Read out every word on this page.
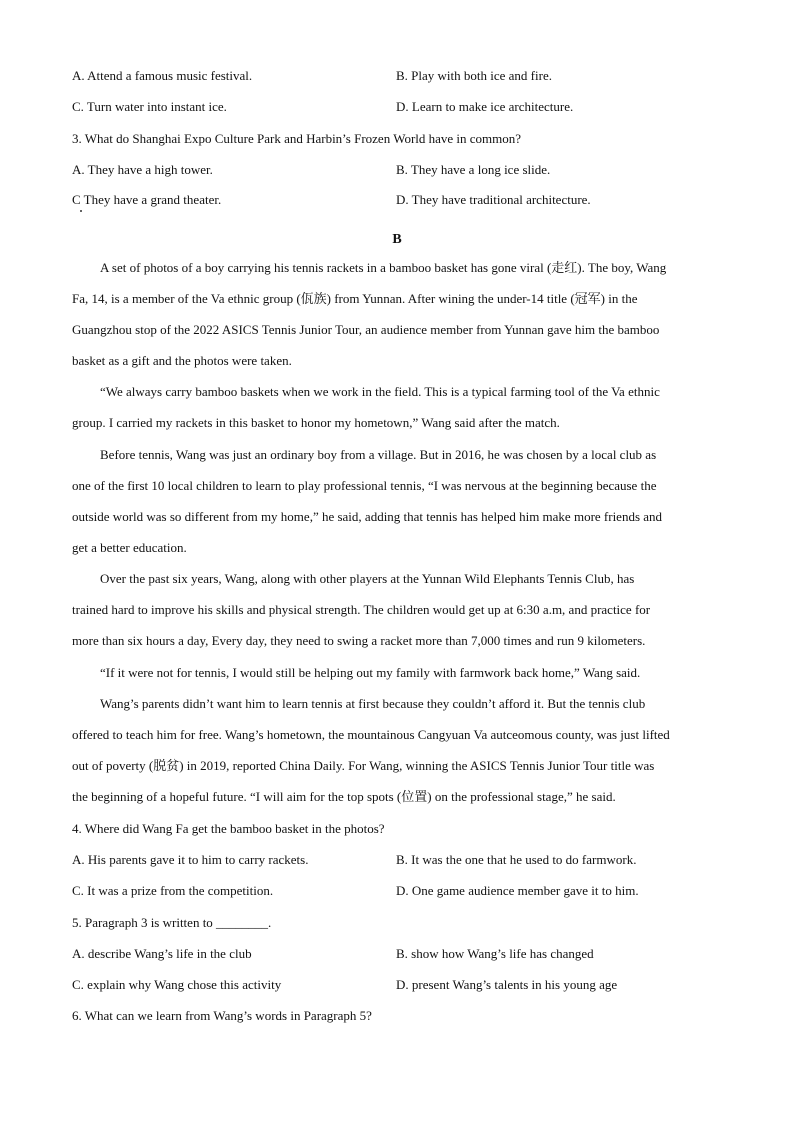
A. Attend a famous music festival.	B. Play with both ice and fire.
C. Turn water into instant ice.	D. Learn to make ice architecture.
3. What do Shanghai Expo Culture Park and Harbin’s Frozen World have in common?
A. They have a high tower.	B. They have a long ice slide.
C They have a grand theater.	D. They have traditional architecture.
B
A set of photos of a boy carrying his tennis rackets in a bamboo basket has gone viral (走红). The boy, Wang
Fa, 14, is a member of the Va ethnic group (佤族) from Yunnan. After wining the under-14 title (冠军) in the
Guangzhou stop of the 2022 ASICS Tennis Junior Tour, an audience member from Yunnan gave him the bamboo
basket as a gift and the photos were taken.
“We always carry bamboo baskets when we work in the field. This is a typical farming tool of the Va ethnic
group. I carried my rackets in this basket to honor my hometown,” Wang said after the match.
Before tennis, Wang was just an ordinary boy from a village. But in 2016, he was chosen by a local club as
one of the first 10 local children to learn to play professional tennis, “I was nervous at the beginning because the
outside world was so different from my home,” he said, adding that tennis has helped him make more friends and
get a better education.
Over the past six years, Wang, along with other players at the Yunnan Wild Elephants Tennis Club, has
trained hard to improve his skills and physical strength. The children would get up at 6:30 a.m, and practice for
more than six hours a day, Every day, they need to swing a racket more than 7,000 times and run 9 kilometers.
“If it were not for tennis, I would still be helping out my family with farmwork back home,” Wang said.
Wang’s parents didn’t want him to learn tennis at first because they couldn’t afford it. But the tennis club
offered to teach him for free. Wang’s hometown, the mountainous Cangyuan Va autceomous county, was just lifted
out of poverty (脱贫) in 2019, reported China Daily. For Wang, winning the ASICS Tennis Junior Tour title was
the beginning of a hopeful future. “I will aim for the top spots (位置) on the professional stage,” he said.
4. Where did Wang Fa get the bamboo basket in the photos?
A. His parents gave it to him to carry rackets.	B. It was the one that he used to do farmwork.
C. It was a prize from the competition.	D. One game audience member gave it to him.
5. Paragraph 3 is written to ________.
A. describe Wang’s life in the club	B. show how Wang’s life has changed
C. explain why Wang chose this activity	D. present Wang’s talents in his young age
6. What can we learn from Wang’s words in Paragraph 5?
